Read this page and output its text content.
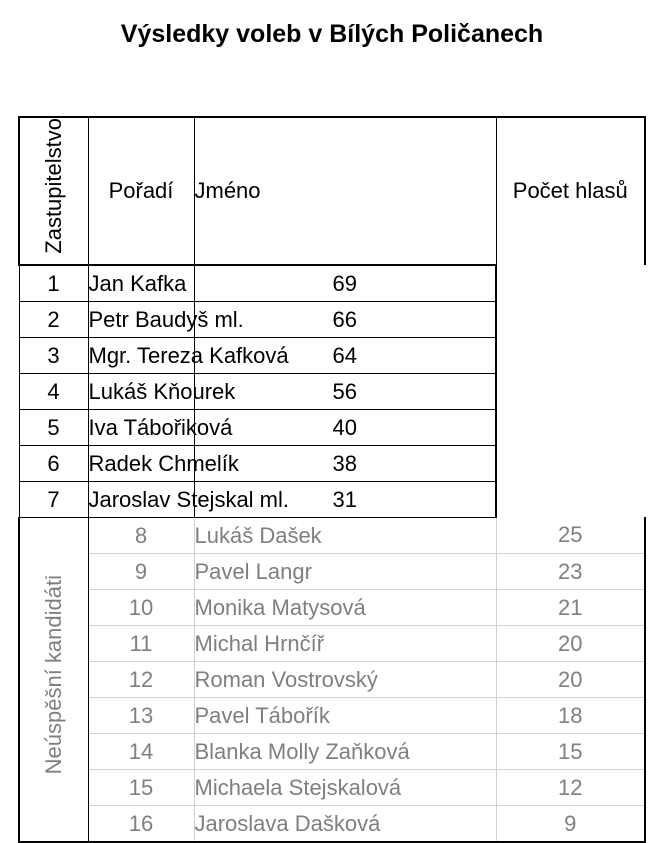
Výsledky voleb v Bílých Poličanech
Zastupitelstvo	Pořadí	Jméno	Počet hlasů
1	Jan Kafka	69	
2	Petr Baudyš ml.	66	
3	Mgr. Tereza Kafková	64	
4	Lukáš Kňourek	56	
5	Iva Tábořiková	40	
6	Radek Chmelík	38	
7	Jaroslav Stejskal ml.	31	
Neúspěšní kandidáti	8	Lukáš Dašek	25
	9	Pavel Langr	23
	10	Monika Matysová	21
	11	Michal Hrnčíř	20
	12	Roman Vostrovský	20
	13	Pavel Tábořík	18
	14	Blanka Molly Zaňková	15
	15	Michaela Stejskalová	12
	16	Jaroslava Dašková	9
